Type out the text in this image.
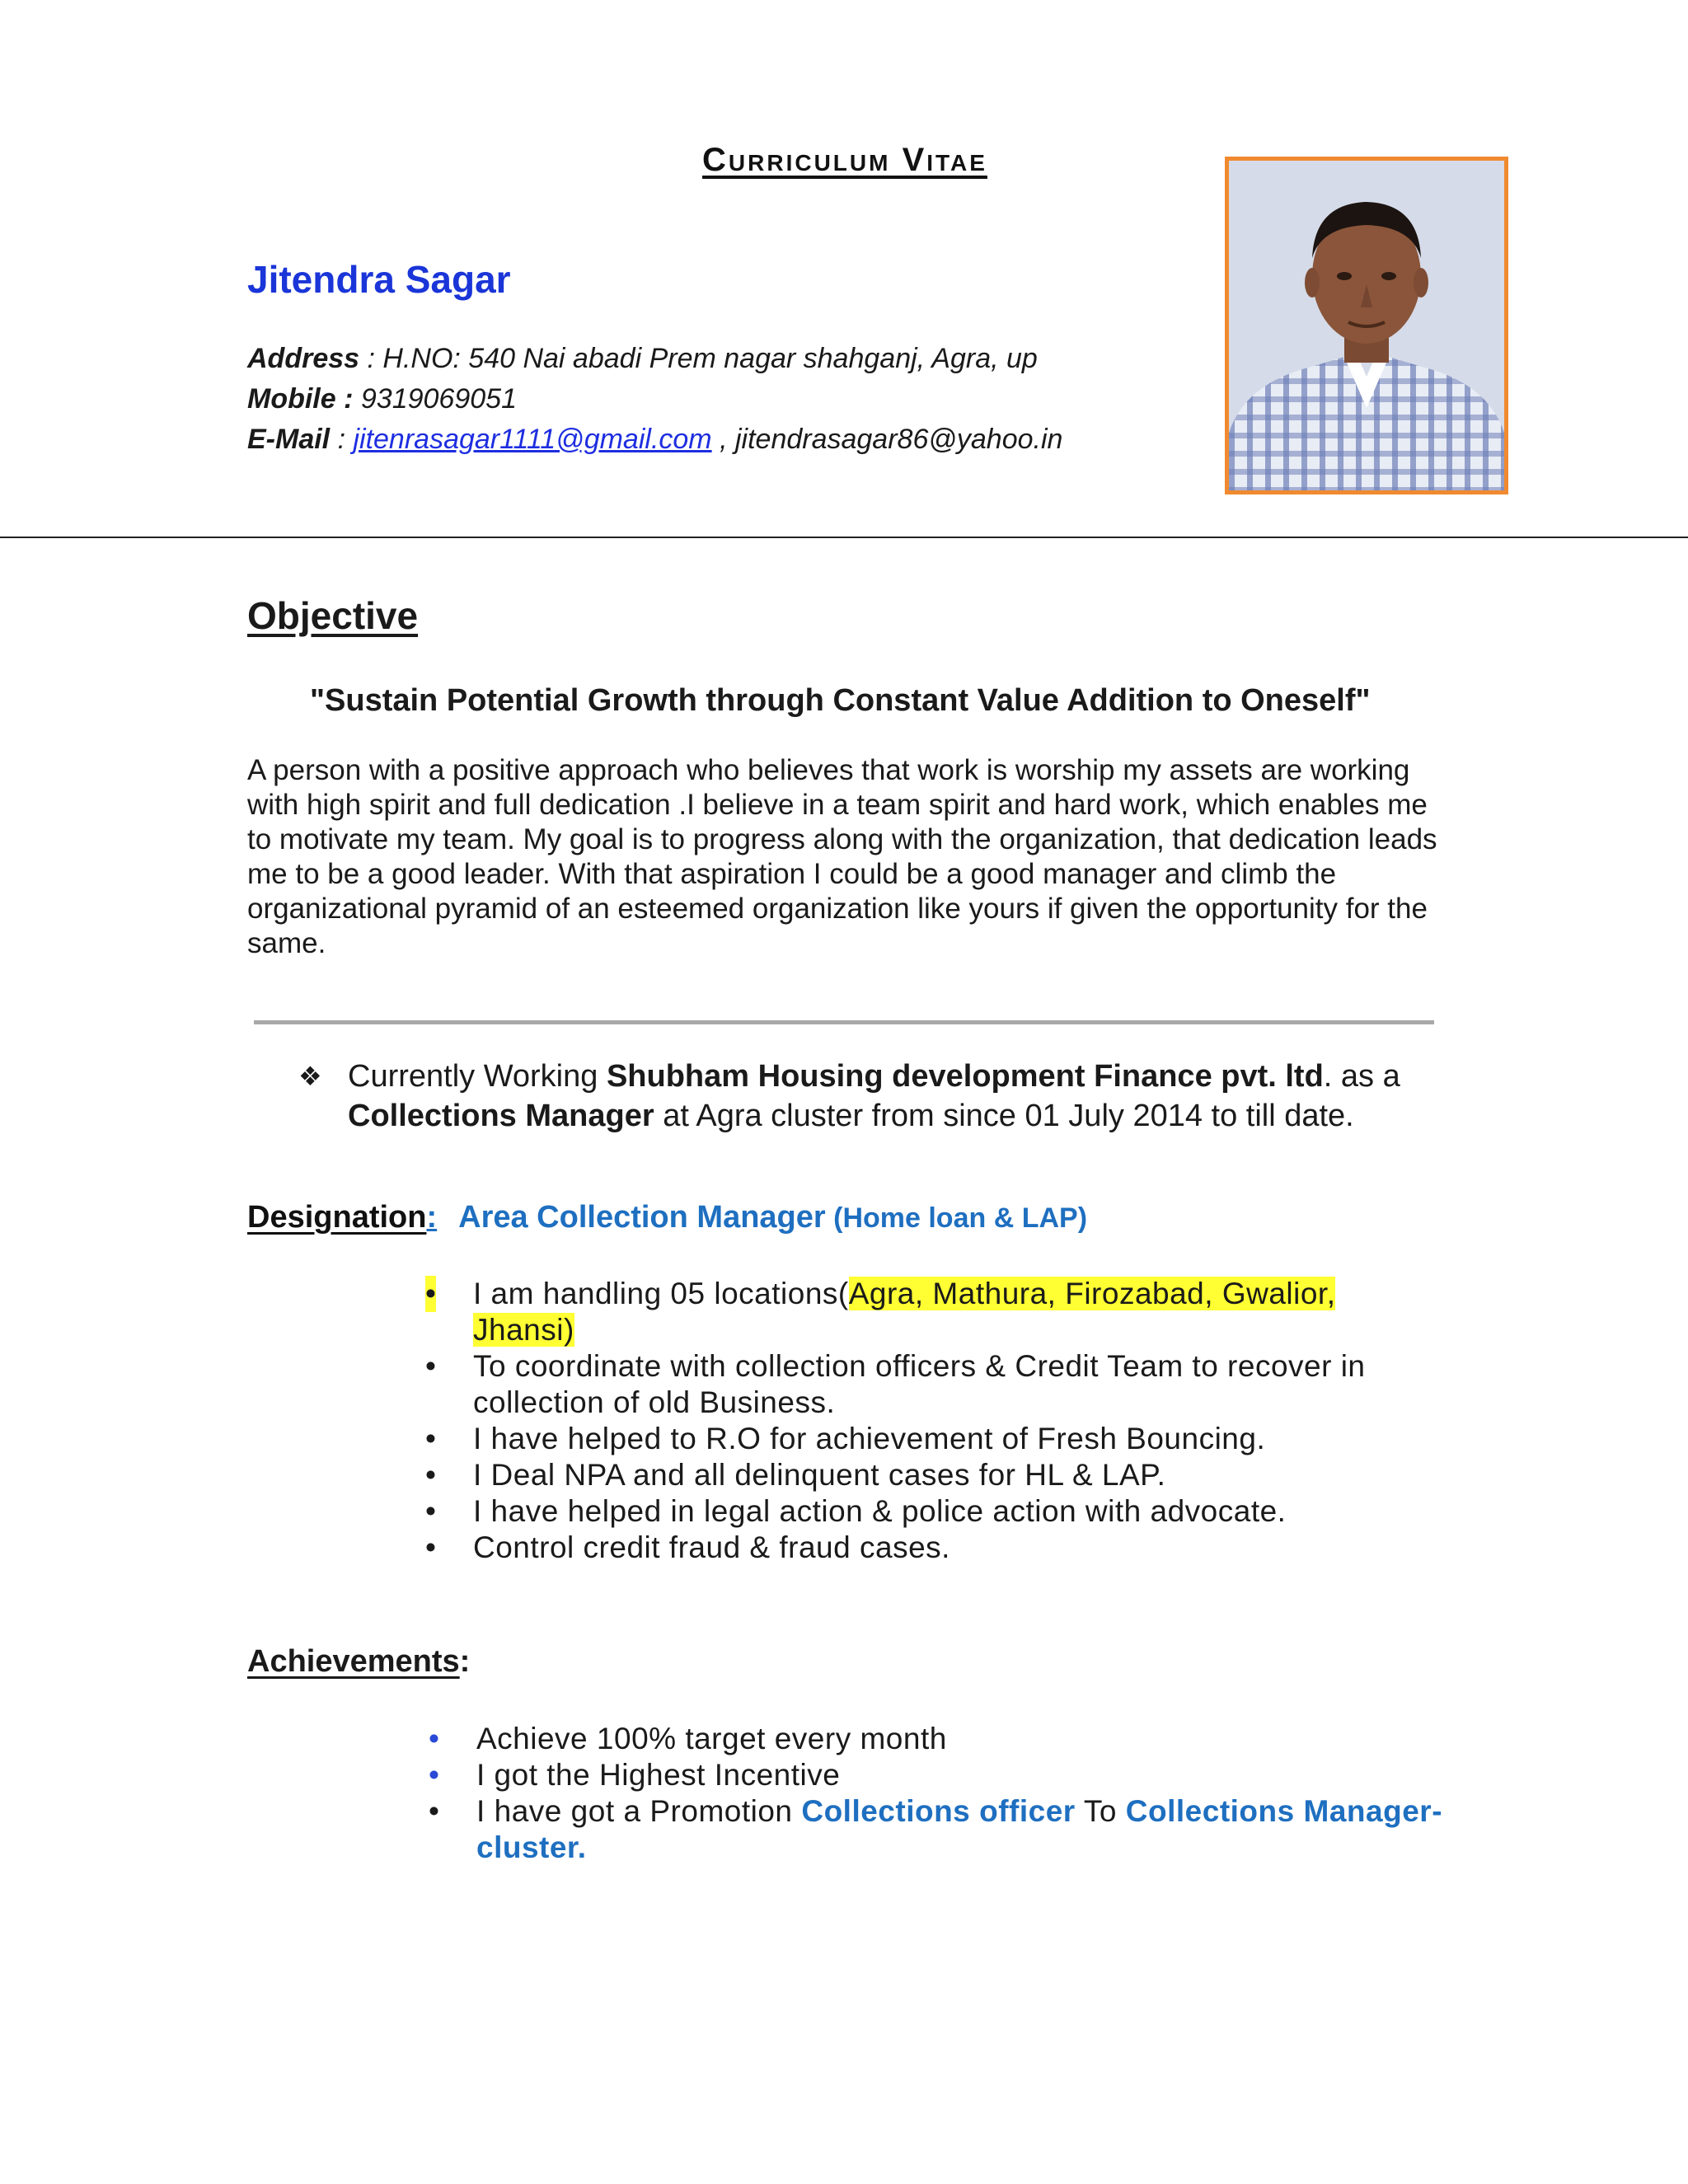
Curriculum Vitae
Jitendra Sagar
Address : H.NO: 540 Nai abadi Prem nagar shahganj, Agra, up
Mobile : 9319069051
E-Mail : jitenrasagar1111@gmail.com , jitendrasagar86@yahoo.in
Objective
"Sustain Potential Growth through Constant Value Addition to Oneself"
A person with a positive approach who believes that work is worship my assets are working with high spirit and full dedication .I believe in a team spirit and hard work, which enables me to motivate my team. My goal is to progress along with the organization, that dedication leads me to be a good leader. With that aspiration I could be a good manager and climb the organizational pyramid of an esteemed organization like yours if given the opportunity for the same.
❖ Currently Working Shubham Housing development Finance pvt. ltd. as a Collections Manager at Agra cluster from since 01 July 2014 to till date.
Designation: Area Collection Manager (Home loan & LAP)
• I am handling 05 locations(Agra, Mathura, Firozabad, Gwalior, Jhansi)
• To coordinate with collection officers & Credit Team to recover in collection of old Business.
• I have helped to R.O for achievement of Fresh Bouncing.
• I Deal NPA and all delinquent cases for HL & LAP.
• I have helped in legal action & police action with advocate.
• Control credit fraud & fraud cases.
Achievements:
• Achieve 100% target every month
• I got the Highest Incentive
• I have got a Promotion Collections officer To Collections Manager-cluster.
